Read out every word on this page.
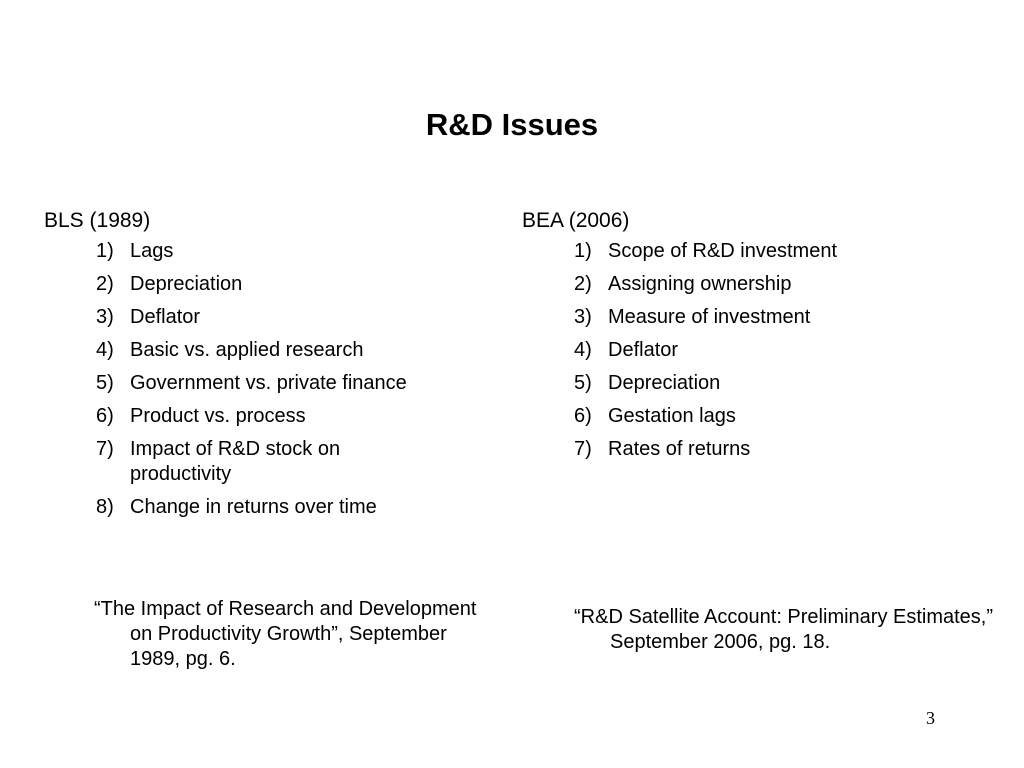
R&D Issues
BLS (1989)
1) Lags
2) Depreciation
3) Deflator
4) Basic vs. applied research
5) Government vs. private finance
6) Product vs. process
7) Impact of R&D stock on productivity
8) Change in returns over time
BEA (2006)
1) Scope of R&D investment
2) Assigning ownership
3) Measure of investment
4) Deflator
5) Depreciation
6) Gestation lags
7) Rates of returns
“The Impact of Research and Development on Productivity Growth”, September 1989, pg. 6.
“R&D Satellite Account: Preliminary Estimates,” September 2006, pg. 18.
3
